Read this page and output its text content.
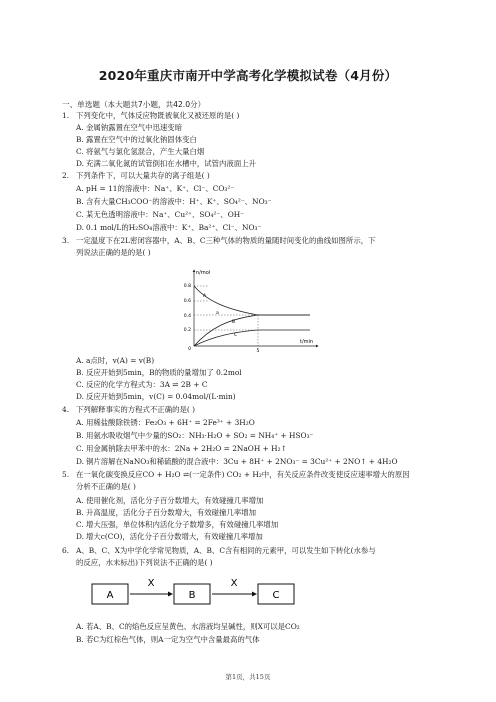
2020年重庆市南开中学高考化学模拟试卷（4月份）
一、单选题（本大题共7小题，共42.0分）
1. 下列变化中，气体反应物既被氧化又被还原的是( )
A. 金属钠露置在空气中迅速变暗
B. 露置在空气中的过氧化钠固体变白
C. 将氨气与氯化氢混合，产生大量白烟
D. 充满二氧化氮的试管倒扣在水槽中，试管内液面上升
2. 下列条件下，可以大量共存的离子组是( )
A. pH = 11的溶液中：Na⁺、K⁺、Cl⁻、CO₃²⁻
B. 含有大量CH₃COO⁻的溶液中：H⁺、K⁺、SO₄²⁻、NO₃⁻
C. 某无色透明溶液中：Na⁺、Cu²⁺、SO₄²⁻、OH⁻
D. 0.1 mol/L的H₂SO₄溶液中：K⁺、Ba²⁺、Cl⁻、NO₃⁻
3. 一定温度下在2L密闭容器中，A、B、C三种气体的物质的量随时间变化的曲线如图所示，下
列说法正确的是的是( )
n/mol
t/min
0.8
0.6
0.4
0.2
0	5
A
B
C
a
A. a点时，v(A) = v(B)
B. 反应开始到5min，B的物质的量增加了 0.2mol
C. 反应的化学方程式为：3A ⇌ 2B + C
D. 反应开始到5min，v(C) = 0.04mol/(L·min)
4. 下列解释事实的方程式不正确的是( )
A. 用稀盐酸除铁锈：Fe₂O₃ + 6H⁺ = 2Fe³⁺ + 3H₂O
B. 用氨水吸收烟气中少量的SO₂：NH₃·H₂O + SO₂ = NH₄⁺ + HSO₃⁻
C. 用金属钠除去甲苯中的水：2Na + 2H₂O = 2NaOH + H₂↑
D. 铜片溶解在NaNO₃和稀硫酸的混合液中：3Cu + 8H⁺ + 2NO₃⁻ = 3Cu²⁺ + 2NO↑ + 4H₂O
5. 在一氧化碳变换反应CO + H₂O ⇌(一定条件) CO₂ + H₂中，有关反应条件改变使反应速率增大的原因
分析不正确的是( )
A. 使用催化剂，活化分子百分数增大，有效碰撞几率增加
B. 升高温度，活化分子百分数增大，有效碰撞几率增加
C. 增大压强，单位体积内活化分子数增多，有效碰撞几率增加
D. 增大c(CO)，活化分子百分数增大，有效碰撞几率增加
6. A、B、C、X为中学化学常见物质，A、B、C含有相同的元素甲，可以发生如下转化(水参与
的反应，水未标出)下列说法不正确的是( )
A	B	C
X	X
A. 若A、B、C的焰色反应呈黄色、水溶液均呈碱性，则X可以是CO₂
B. 若C为红棕色气体，则A一定为空气中含量最高的气体
第1页，共15页
